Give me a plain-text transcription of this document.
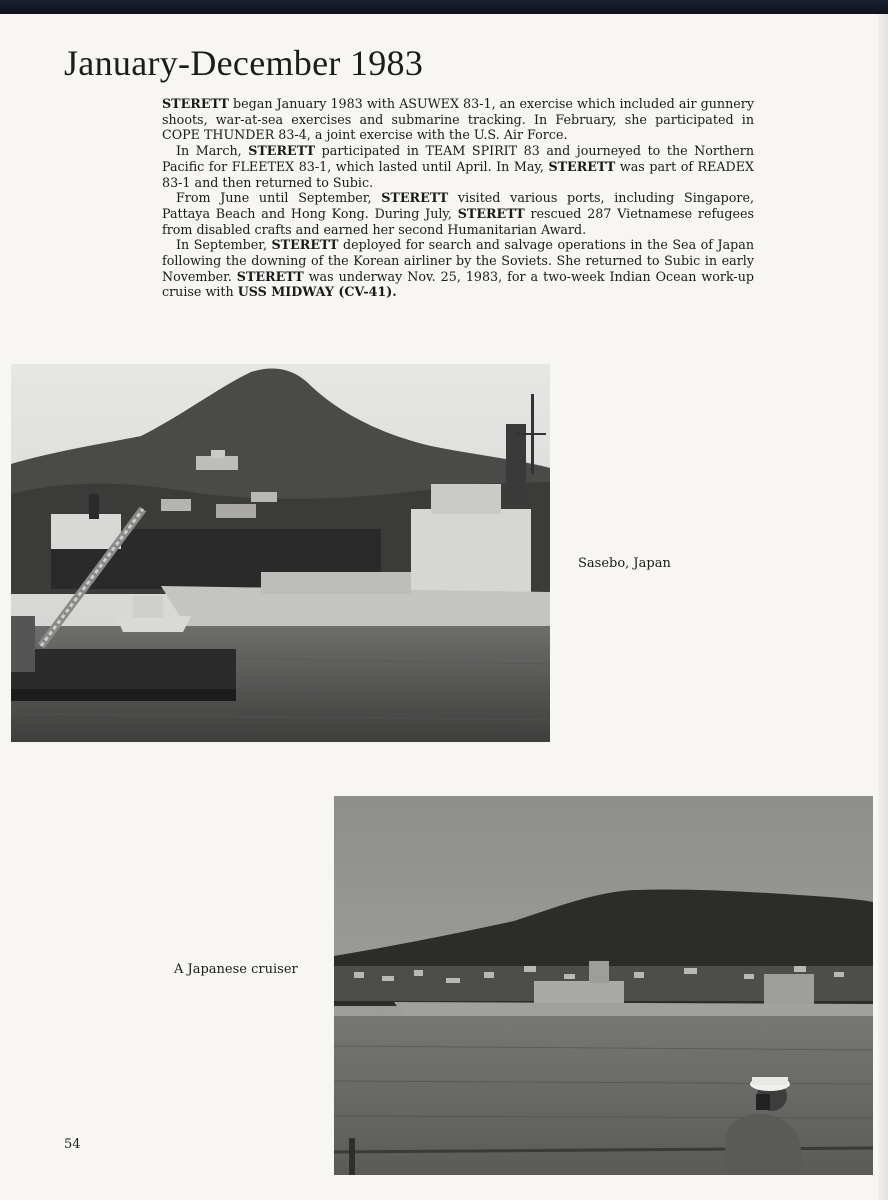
January-December 1983

STERETT began January 1983 with ASUWEX 83-1, an exercise which included air gunnery shoots, war-at-sea exercises and submarine tracking. In February, she participated in COPE THUNDER 83-4, a joint exercise with the U.S. Air Force.

In March, STERETT participated in TEAM SPIRIT 83 and journeyed to the Northern Pacific for FLEETEX 83-1, which lasted until April. In May, STERETT was part of READEX 83-1 and then returned to Subic.

From June until September, STERETT visited various ports, including Singapore, Pattaya Beach and Hong Kong. During July, STERETT rescued 287 Vietnamese refugees from disabled crafts and earned her second Humanitarian Award.

In September, STERETT deployed for search and salvage operations in the Sea of Japan following the downing of the Korean airliner by the Soviets. She returned to Subic in early November. STERETT was underway Nov. 25, 1983, for a two-week Indian Ocean work-up cruise with USS MIDWAY (CV-41).

Sasebo, Japan
A Japanese cruiser
54
